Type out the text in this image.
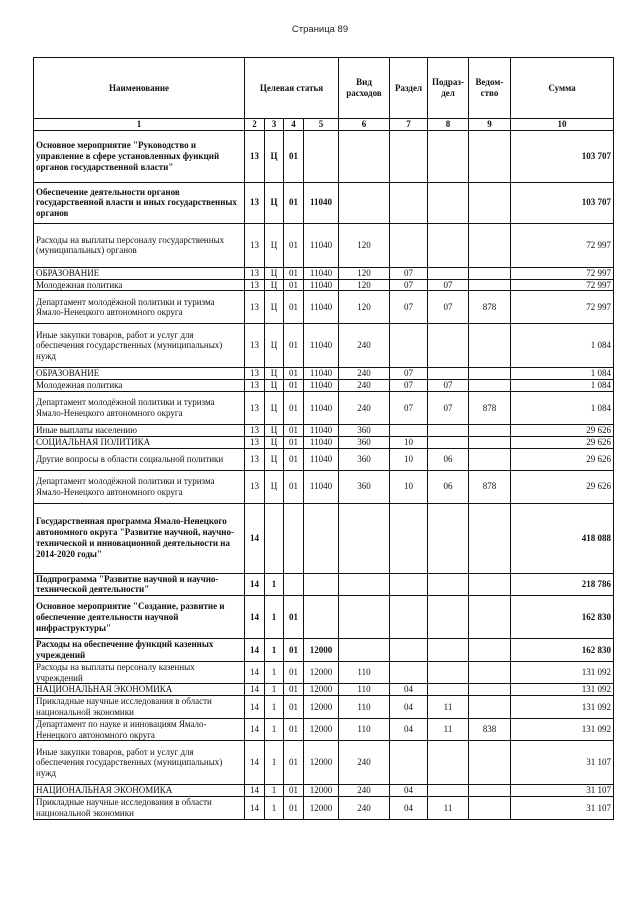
Страница 89
Наименование	Целевая статья				Вид расходов	Раздел	Подраз- дел	Ведом- ство	Сумма
1	2	3	4	5	6	7	8	9	10
Основное мероприятие "Руководство и управление в сфере установленных функций органов государственной власти"	13	Ц	01						103 707
Обеспечение деятельности органов государственной власти и иных государственных органов	13	Ц	01	11040					103 707
Расходы на выплаты персоналу государственных (муниципальных) органов	13	Ц	01	11040	120				72 997
ОБРАЗОВАНИЕ	13	Ц	01	11040	120	07			72 997
Молодежная политика	13	Ц	01	11040	120	07	07		72 997
Департамент молодёжной политики и туризма Ямало-Ненецкого автономного округа	13	Ц	01	11040	120	07	07	878	72 997
Иные закупки товаров, работ и услуг для обеспечения государственных (муниципальных) нужд	13	Ц	01	11040	240				1 084
ОБРАЗОВАНИЕ	13	Ц	01	11040	240	07			1 084
Молодежная политика	13	Ц	01	11040	240	07	07		1 084
Департамент молодёжной политики и туризма Ямало-Ненецкого автономного округа	13	Ц	01	11040	240	07	07	878	1 084
Иные выплаты населению	13	Ц	01	11040	360				29 626
СОЦИАЛЬНАЯ ПОЛИТИКА	13	Ц	01	11040	360	10			29 626
Другие вопросы в области социальной политики	13	Ц	01	11040	360	10	06		29 626
Департамент молодёжной политики и туризма Ямало-Ненецкого автономного округа	13	Ц	01	11040	360	10	06	878	29 626
Государственная программа Ямало-Ненецкого автономного округа "Развитие научной, научно-технической и инновационной деятельности на 2014-2020 годы"	14								418 088
Подпрограмма "Развитие научной и научно-технической деятельности"	14	1							218 786
Основное мероприятие "Создание, развитие и обеспечение деятельности научной инфраструктуры"	14	1	01						162 830
Расходы на обеспечение функций казенных учреждений	14	1	01	12000					162 830
Расходы на выплаты персоналу казенных учреждений	14	1	01	12000	110				131 092
НАЦИОНАЛЬНАЯ ЭКОНОМИКА	14	1	01	12000	110	04			131 092
Прикладные научные исследования в области национальной экономики	14	1	01	12000	110	04	11		131 092
Департамент по науке и инновациям Ямало-Ненецкого автономного округа	14	1	01	12000	110	04	11	838	131 092
Иные закупки товаров, работ и услуг для обеспечения государственных (муниципальных) нужд	14	1	01	12000	240				31 107
НАЦИОНАЛЬНАЯ ЭКОНОМИКА	14	1	01	12000	240	04			31 107
Прикладные научные исследования в области национальной экономики	14	1	01	12000	240	04	11		31 107
